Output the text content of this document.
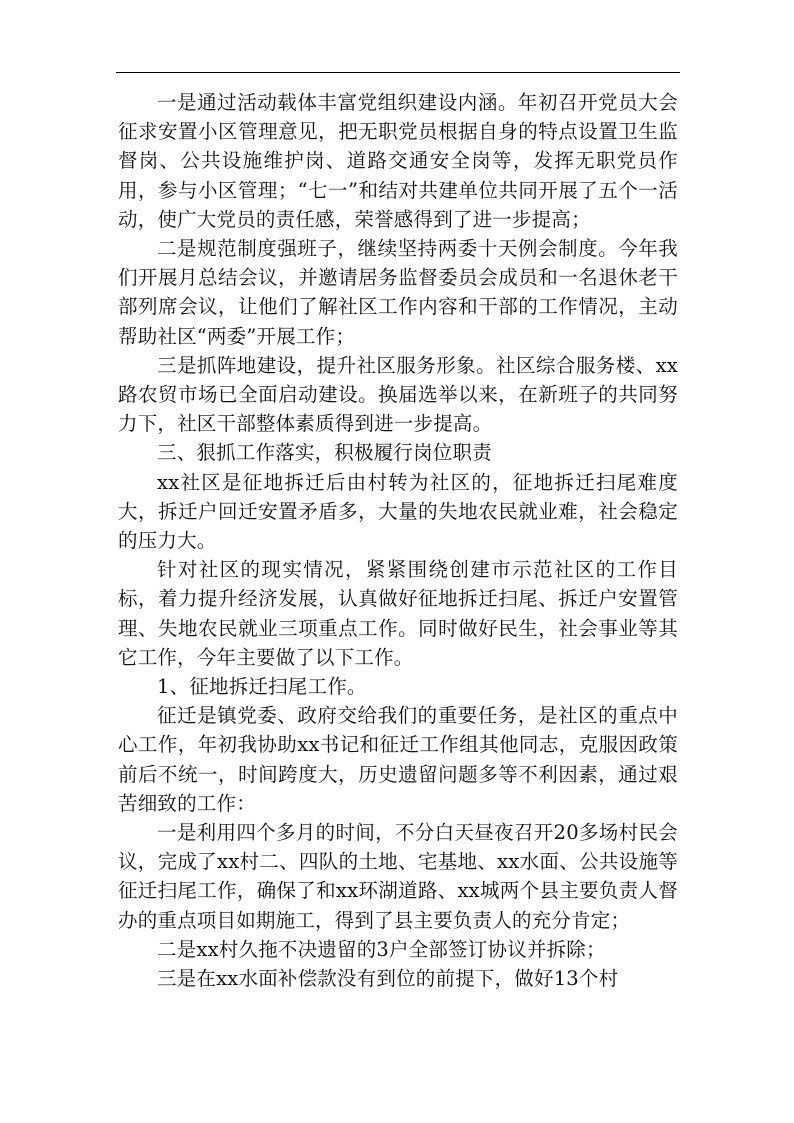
一是通过活动载体丰富党组织建设内涵。年初召开党员大会征求安置小区管理意见，把无职党员根据自身的特点设置卫生监督岗、公共设施维护岗、道路交通安全岗等，发挥无职党员作用，参与小区管理；“七一”和结对共建单位共同开展了五个一活动，使广大党员的责任感，荣誉感得到了进一步提高；

二是规范制度强班子，继续坚持两委十天例会制度。今年我们开展月总结会议，并邀请居务监督委员会成员和一名退休老干部列席会议，让他们了解社区工作内容和干部的工作情况，主动帮助社区“两委”开展工作；

三是抓阵地建设，提升社区服务形象。社区综合服务楼、xx路农贸市场已全面启动建设。换届选举以来，在新班子的共同努力下，社区干部整体素质得到进一步提高。

三、狠抓工作落实，积极履行岗位职责

xx社区是征地拆迁后由村转为社区的，征地拆迁扫尾难度大，拆迁户回迁安置矛盾多，大量的失地农民就业难，社会稳定的压力大。

针对社区的现实情况，紧紧围绕创建市示范社区的工作目标，着力提升经济发展，认真做好征地拆迁扫尾、拆迁户安置管理、失地农民就业三项重点工作。同时做好民生，社会事业等其它工作，今年主要做了以下工作。

1、征地拆迁扫尾工作。

征迁是镇党委、政府交给我们的重要任务，是社区的重点中心工作，年初我协助xx书记和征迁工作组其他同志，克服因政策前后不统一，时间跨度大，历史遗留问题多等不利因素，通过艰苦细致的工作：

一是利用四个多月的时间，不分白天昼夜召开20多场村民会议，完成了xx村二、四队的土地、宅基地、xx水面、公共设施等征迁扫尾工作，确保了和xx环湖道路、xx城两个县主要负责人督办的重点项目如期施工，得到了县主要负责人的充分肯定；

二是xx村久拖不决遗留的3户全部签订协议并拆除；

三是在xx水面补偿款没有到位的前提下，做好13个村
